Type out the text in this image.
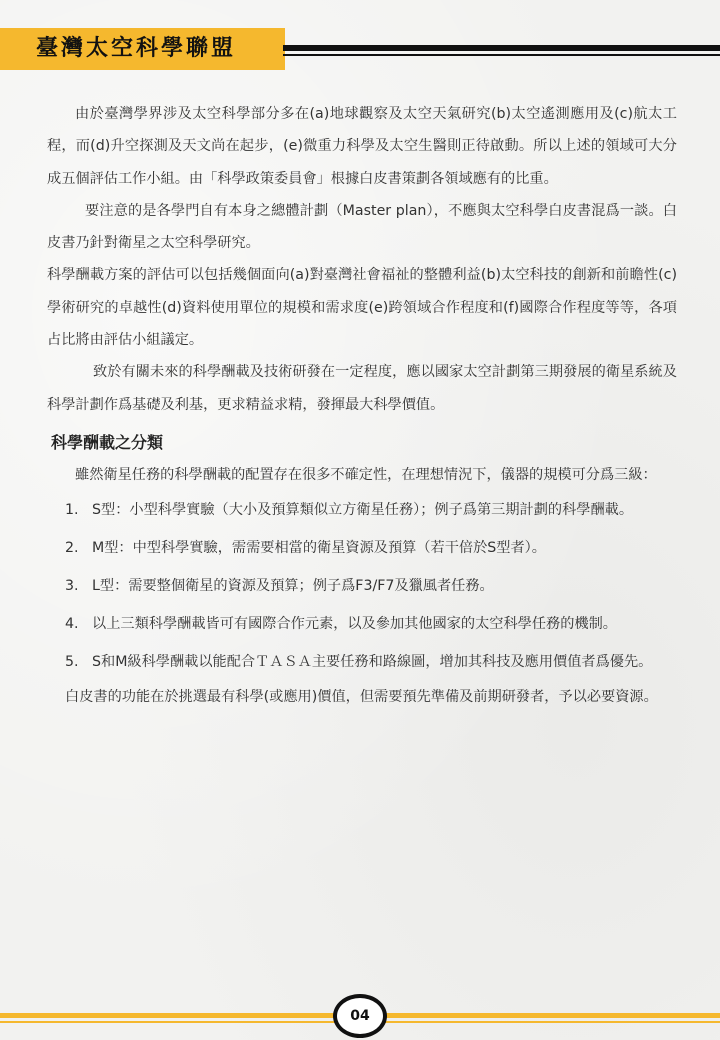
臺灣太空科學聯盟

由於臺灣學界涉及太空科學部分多在(a)地球觀察及太空天氣研究(b)太空遙測應用及(c)航太工程，而(d)升空探測及天文尚在起步，(e)微重力科學及太空生醫則正待啟動。所以上述的領域可大分成五個評估工作小組。由「科學政策委員會」根據白皮書策劃各領域應有的比重。

要注意的是各學門自有本身之總體計劃（Master plan），不應與太空科學白皮書混爲一談。白皮書乃針對衛星之太空科學研究。

科學酬載方案的評估可以包括幾個面向(a)對臺灣社會福祉的整體利益(b)太空科技的創新和前瞻性(c)學術研究的卓越性(d)資料使用單位的規模和需求度(e)跨領域合作程度和(f)國際合作程度等等，各項占比將由評估小組議定。

致於有關未來的科學酬載及技術研發在一定程度，應以國家太空計劃第三期發展的衛星系統及科學計劃作爲基礎及利基，更求精益求精，發揮最大科學價值。

科學酬載之分類

雖然衛星任務的科學酬載的配置存在很多不確定性，在理想情況下，儀器的規模可分爲三級：

1. S型：小型科學實驗（大小及預算類似立方衛星任務）；例子爲第三期計劃的科學酬載。
2. M型：中型科學實驗，需需要相當的衛星資源及預算（若干倍於S型者）。
3. L型：需要整個衛星的資源及預算；例子爲F3/F7及獵風者任務。
4. 以上三類科學酬載皆可有國際合作元素，以及參加其他國家的太空科學任務的機制。
5. S和M級科學酬載以能配合ＴＡＳＡ主要任務和路線圖，增加其科技及應用價值者爲優先。

白皮書的功能在於挑選最有科學(或應用)價值，但需要預先準備及前期研發者，予以必要資源。

04
